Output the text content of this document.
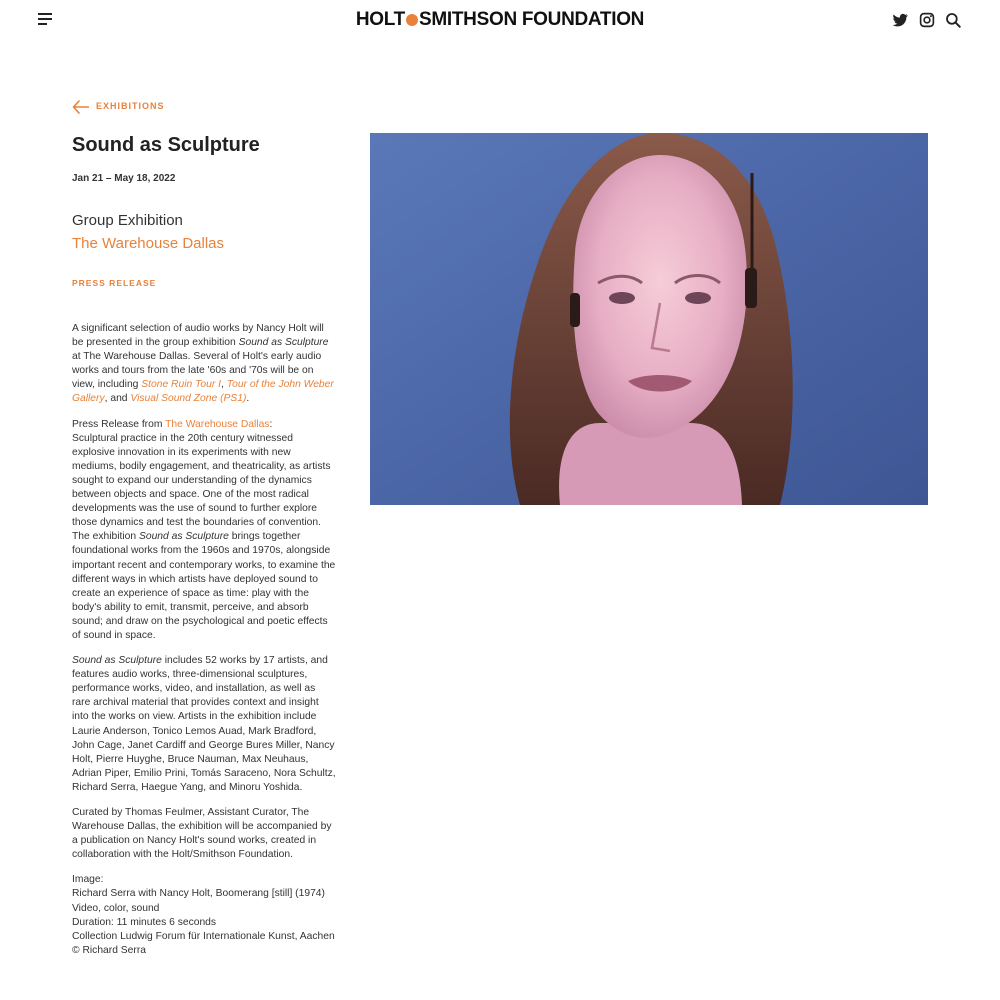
HOLT SMITHSON FOUNDATION

EXHIBITIONS
Sound as Sculpture
Jan 21 – May 18, 2022
Group Exhibition
The Warehouse Dallas
PRESS RELEASE

A significant selection of audio works by Nancy Holt will be presented in the group exhibition Sound as Sculpture at The Warehouse Dallas. Several of Holt's early audio works and tours from the late '60s and '70s will be on view, including Stone Ruin Tour I, Tour of the John Weber Gallery, and Visual Sound Zone (PS1).

Press Release from The Warehouse Dallas:
Sculptural practice in the 20th century witnessed explosive innovation in its experiments with new mediums, bodily engagement, and theatricality, as artists sought to expand our understanding of the dynamics between objects and space. One of the most radical developments was the use of sound to further explore those dynamics and test the boundaries of convention. The exhibition Sound as Sculpture brings together foundational works from the 1960s and 1970s, alongside important recent and contemporary works, to examine the different ways in which artists have deployed sound to create an experience of space as time: play with the body's ability to emit, transmit, perceive, and absorb sound; and draw on the psychological and poetic effects of sound in space.

Sound as Sculpture includes 52 works by 17 artists, and features audio works, three-dimensional sculptures, performance works, video, and installation, as well as rare archival material that provides context and insight into the works on view. Artists in the exhibition include Laurie Anderson, Tonico Lemos Auad, Mark Bradford, John Cage, Janet Cardiff and George Bures Miller, Nancy Holt, Pierre Huyghe, Bruce Nauman, Max Neuhaus, Adrian Piper, Emilio Prini, Tomás Saraceno, Nora Schultz, Richard Serra, Haegue Yang, and Minoru Yoshida.

Curated by Thomas Feulmer, Assistant Curator, The Warehouse Dallas, the exhibition will be accompanied by a publication on Nancy Holt's sound works, created in collaboration with the Holt/Smithson Foundation.

Image:

Richard Serra with Nancy Holt, Boomerang [still] (1974)

Video, color, sound

Duration: 11 minutes 6 seconds

Collection Ludwig Forum für Internationale Kunst, Aachen

© Richard Serra
